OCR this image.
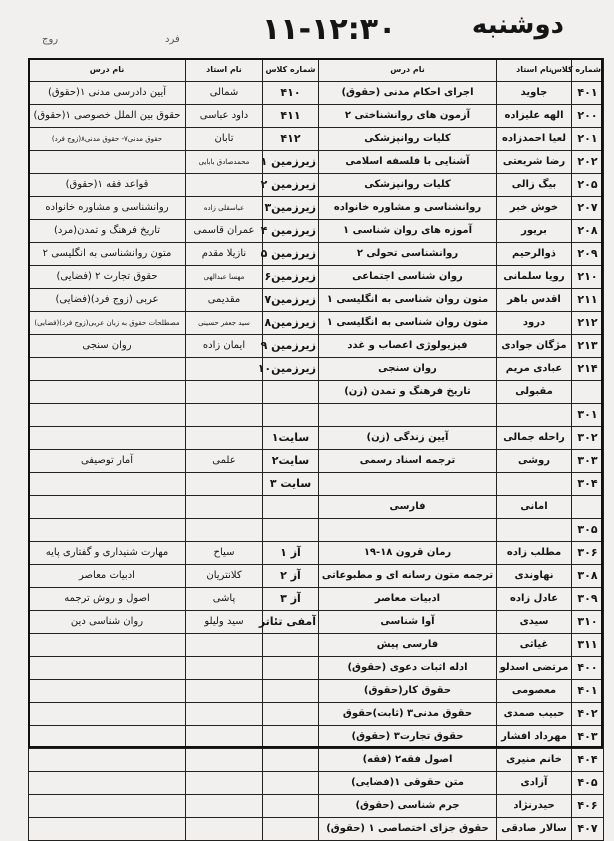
دوشنبه
۱۱-۱۲:۳۰
روج	فرد
شماره کلاس	نام استاد	نام درس
۴۰۱	جاوید	اجرای احکام مدنی (حقوق)
۲۰۰	الهه علیزاده	آزمون های روانشناختی ۲
۲۰۱	لعیا احمدزاده	کلیات روانپزشکی
۲۰۲	رضا شریعتی	آشنایی با فلسفه اسلامی
۲۰۵	بیگ زالی	کلیات روانپزشکی
۲۰۷	خوش خبر	روانشناسی و مشاوره خانواده
۲۰۸	بریور	آموزه های روان شناسی ۱
۲۰۹	ذوالرحیم	روانشناسی تحولی ۲
۲۱۰	رویا سلمانی	روان شناسی اجتماعی
۲۱۱	اقدس باهر	متون روان شناسی به انگلیسی ۱
۲۱۲	درود	متون روان شناسی به انگلیسی ۱
۲۱۳	مژگان جوادی	فیزیولوژی اعصاب و غدد
۲۱۴	عبادی مریم	روان سنجی
	مقبولی	تاریخ فرهنگ و تمدن (زن)
۳۰۱		
۳۰۲	راحله جمالی	آیین زندگی (زن)
۳۰۳	روشی	ترجمه اسناد رسمی
۳۰۴		
	امانی	فارسی
۳۰۵		
۳۰۶	مطلب زاده	رمان قرون ۱۸-۱۹
۳۰۸	نهاوندی	ترجمه متون رسانه ای و مطبوعاتی
۳۰۹	عادل زاده	ادبیات معاصر
۳۱۰	سیدی	آوا شناسی
۳۱۱	غیاثی	فارسی پیش
۴۰۰	مرتضی اسدلو	ادله اثبات دعوی (حقوق)
۴۰۱	معصومی	حقوق کار(حقوق)
۴۰۲	حبیب صمدی	حقوق مدنی۳ (ثابت)حقوق
۴۰۳	مهرداد افشار	حقوق تجارت۳ (حقوق)
۴۰۴	خانم منیری	اصول فقه۲ (فقه)
۴۰۵	آزادی	متن حقوقی ۱(فضایی)
۴۰۶	حیدرنژاد	جرم شناسی (حقوق)
۴۰۷	سالار صادقی	حقوق جزای اختصاصی ۱ (حقوق)
شماره کلاس	نام استاد	نام درس
۴۱۰	شمالی	آیین دادرسی مدنی ۱(حقوق)
۴۱۱	داود عباسی	حقوق بین الملل خصوصی ۱(حقوق)
۴۱۲	تابان	حقوق مدنی۷- حقوق مدنی۸(زوج فرد)
زیرزمین ۱	محمدصادق بابایی	
زیرزمین ۲		قواعد فقه ۱(حقوق)
زیرزمین۳	عباسقلی زاده	روانشناسی و مشاوره خانواده
زیرزمین ۴	عمران قاسمی	تاریخ فرهنگ و تمدن(مرد)
زیرزمین ۵	نازیلا مقدم	متون روانشناسی به انگلیسی ۲
زیرزمین۶	مهسا عبدالهی	حقوق تجارت ۲ (فضایی)
زیرزمین۷	مقدیمی	عربی (زوج فرد)(فضایی)
زیرزمین۸	سید جعفر حسینی	مصطلحات حقوق به زبان عربی(زوج فرد)(فضایی)
زیرزمین ۹	ایمان زاده	روان سنجی
زیرزمین۱۰		

سایت۱		
سایت۲	علمی	آمار توصیفی
سایت ۳		

آز ۱	سیاح	مهارت شنیداری و گفتاری پایه
آز ۲	کلانتریان	ادبیات معاصر
آز ۳	پاشی	اصول و روش ترجمه
آمفی تئاتر	سید ولیلو	روان شناسی دین
